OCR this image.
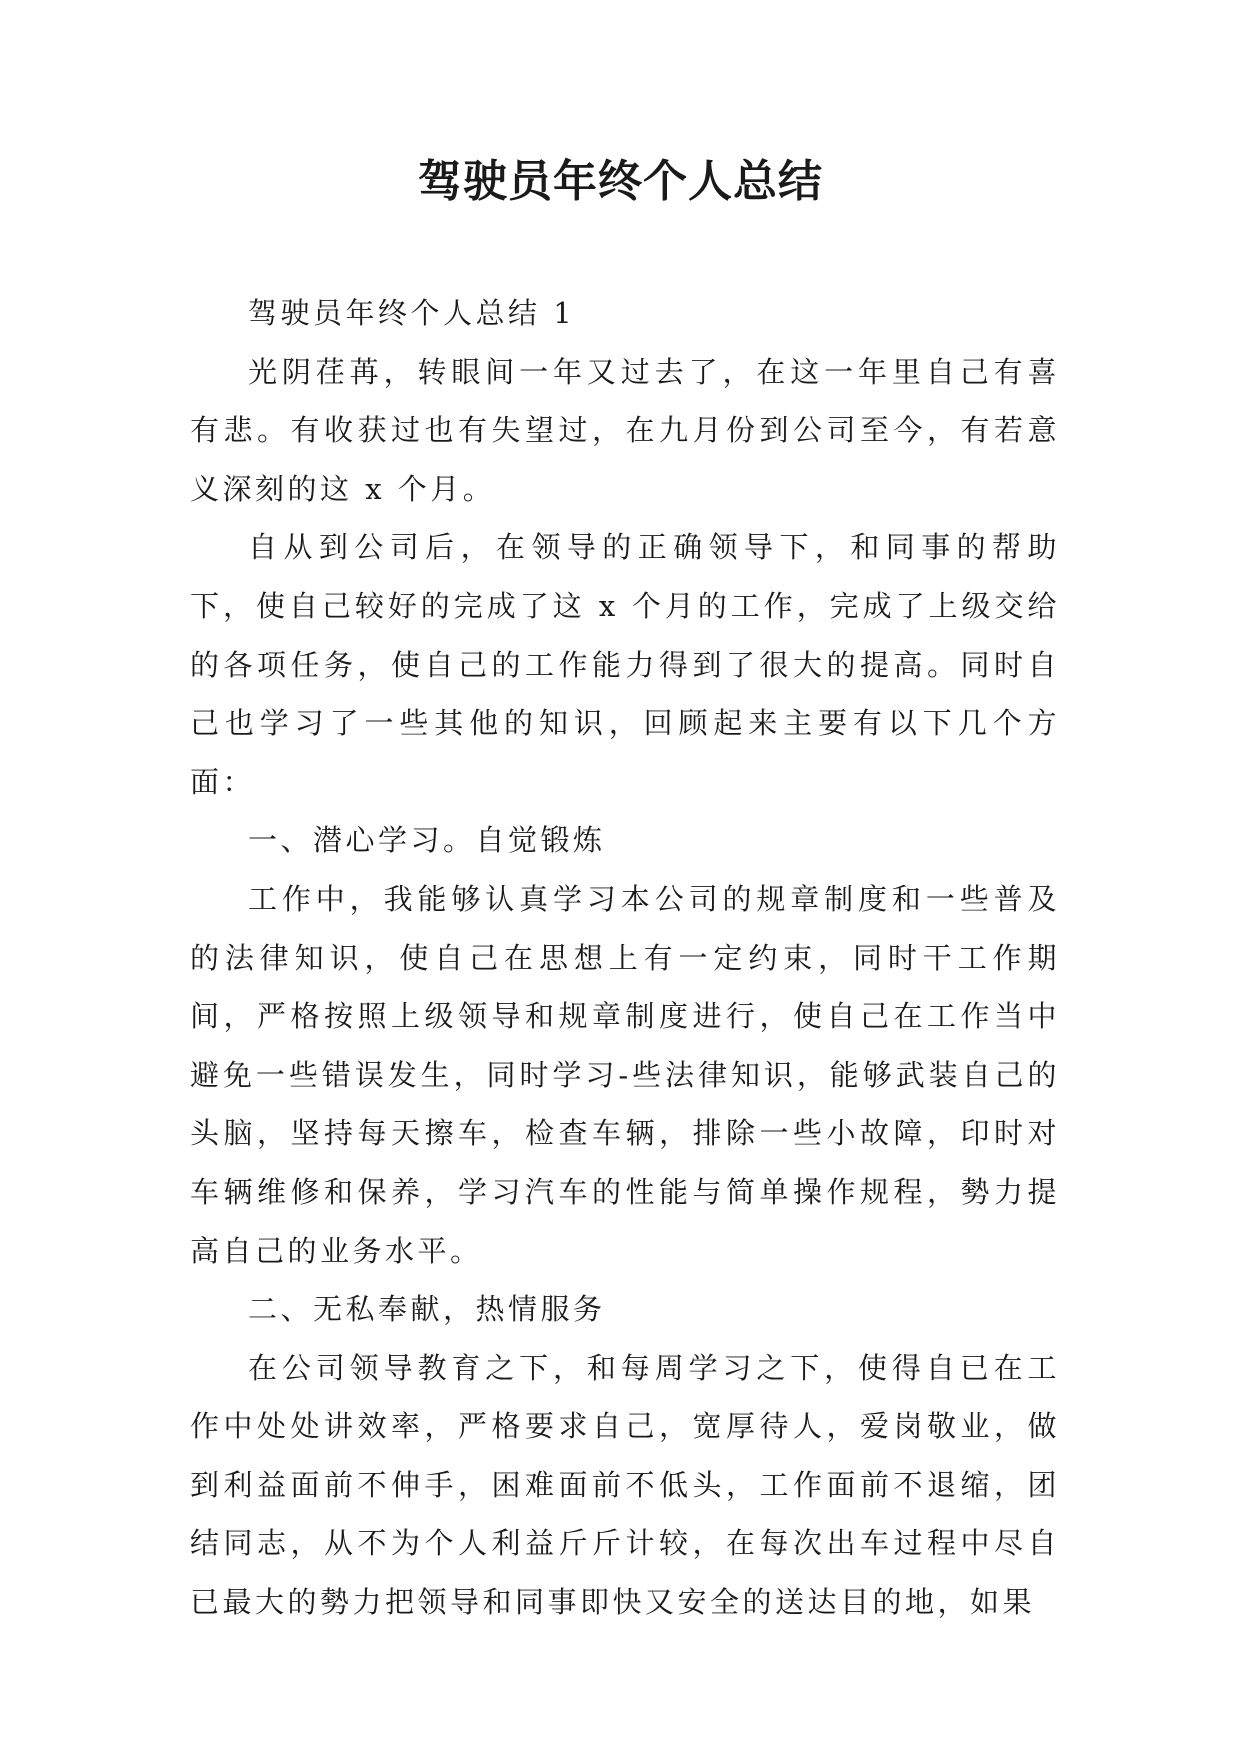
驾驶员年终个人总结

驾驶员年终个人总结 1

光阴荏苒，转眼间一年又过去了，在这一年里自己有喜有悲。有收获过也有失望过，在九月份到公司至今，有若意义深刻的这 x 个月。

自从到公司后，在领导的正确领导下，和同事的帮助下，使自己较好的完成了这 x 个月的工作，完成了上级交给的各项任务，使自己的工作能力得到了很大的提高。同时自己也学习了一些其他的知识，回顾起来主要有以下几个方面：

一、潜心学习。自觉锻炼

工作中，我能够认真学习本公司的规章制度和一些普及的法律知识，使自己在思想上有一定约束，同时干工作期间，严格按照上级领导和规章制度进行，使自己在工作当中避免一些错误发生，同时学习-些法律知识，能够武装自己的头脑，坚持每天擦车，检查车辆，排除一些小故障，印时对车辆维修和保养，学习汽车的性能与简单操作规程，勢力提高自己的业务水平。

二、无私奉献，热情服务

在公司领导教育之下，和每周学习之下，使得自已在工作中处处讲效率，严格要求自己，宽厚待人，爱岗敬业，做到利益面前不伸手，困难面前不低头，工作面前不退缩，团结同志，从不为个人利益斤斤计较，在每次出车过程中尽自已最大的勢力把领导和同事即快又安全的送达目的地，如果
